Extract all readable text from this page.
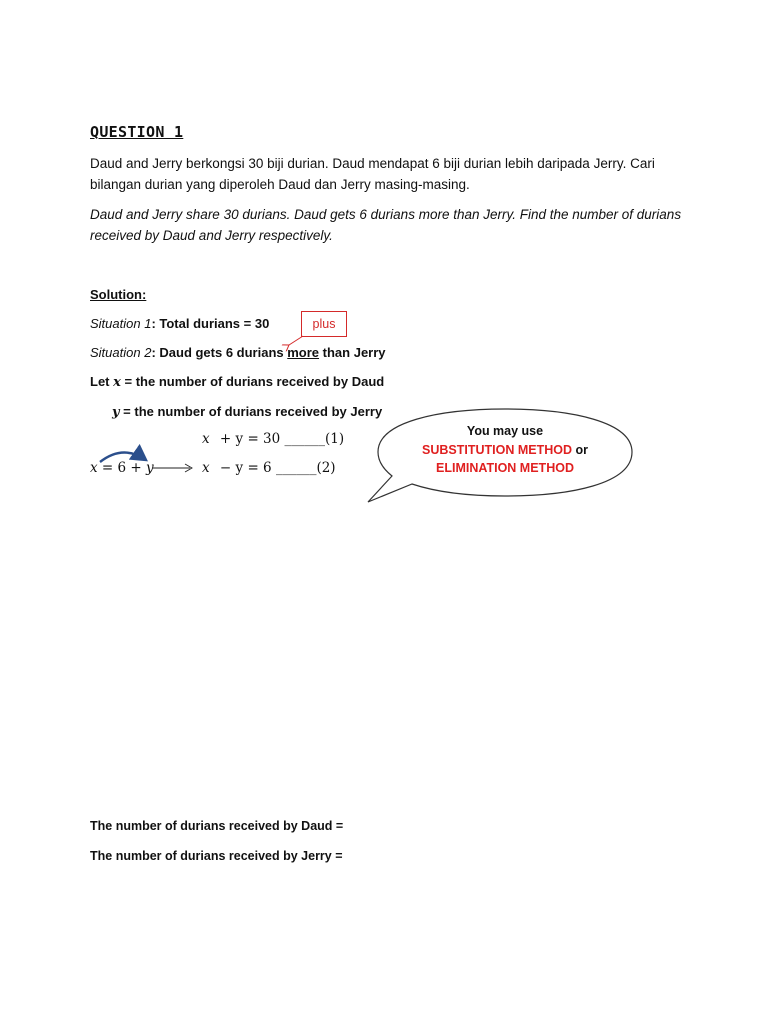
QUESTION 1
Daud and Jerry berkongsi 30 biji durian. Daud mendapat 6 biji durian lebih daripada Jerry. Cari bilangan durian yang diperoleh Daud dan Jerry masing-masing.
Daud and Jerry share 30 durians. Daud gets 6 durians more than Jerry. Find the number of durians received by Daud and Jerry respectively.
Solution:
Situation 1: Total durians = 30	plus
Situation 2: Daud gets 6 durians more than Jerry
Let x = the number of durians received by Daud
y = the number of durians received by Jerry
x + y = 30 ______(1)
x = 6 + y	x − y = 6 ______(2)
You may use
SUBSTITUTION METHOD or
ELIMINATION METHOD
The number of durians received by Daud =
The number of durians received by Jerry =
